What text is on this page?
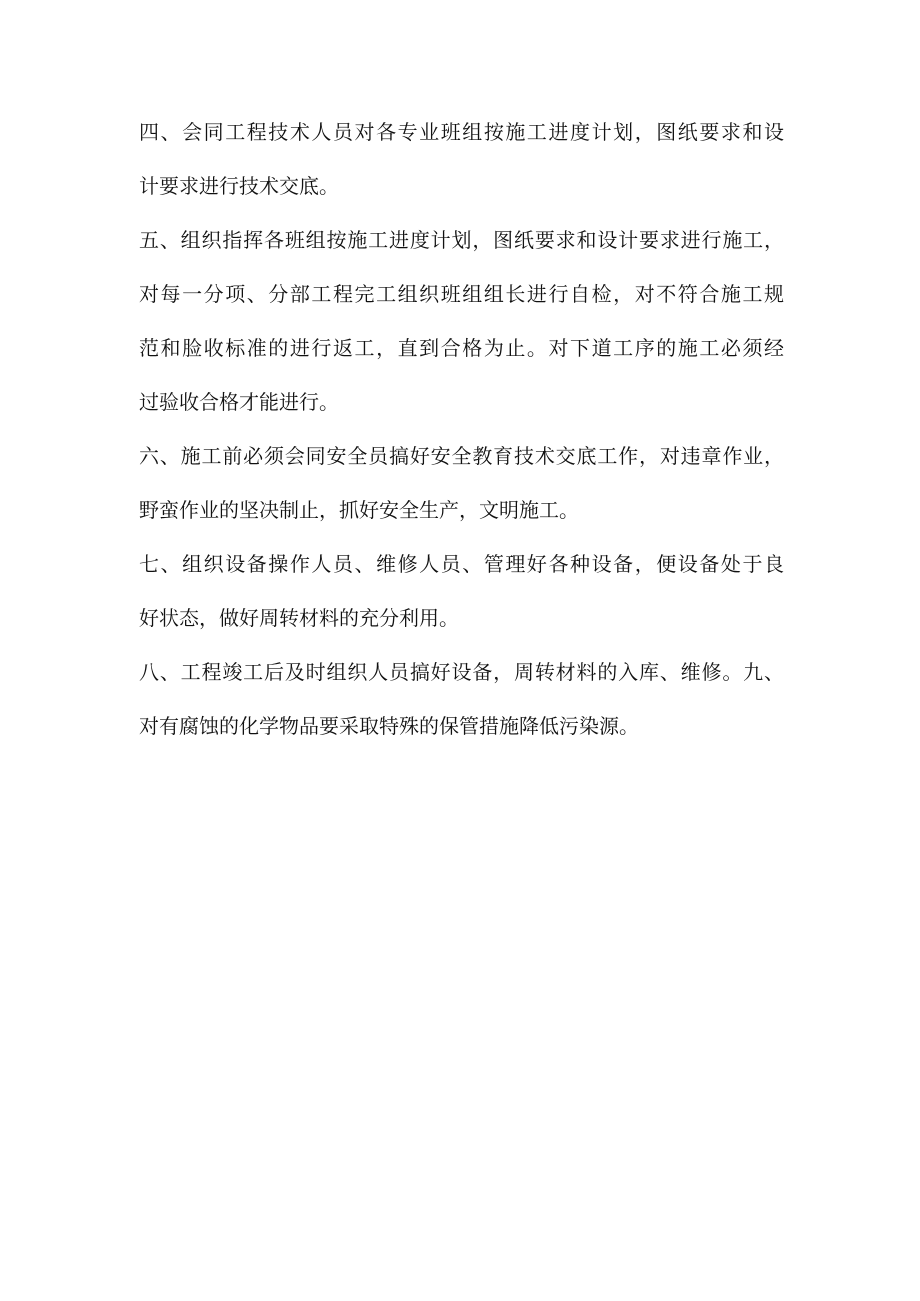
四、会同工程技术人员对各专业班组按施工进度计划，图纸要求和设
计要求进行技术交底。
五、组织指挥各班组按施工进度计划，图纸要求和设计要求进行施工，
对每一分项、分部工程完工组织班组组长进行自检，对不符合施工规
范和脸收标准的进行返工，直到合格为止。对下道工序的施工必须经
过验收合格才能进行。
六、施工前必须会同安全员搞好安全教育技术交底工作，对违章作业，
野蛮作业的坚决制止，抓好安全生产，文明施工。
七、组织设备操作人员、维修人员、管理好各种设备，便设备处于良
好状态，做好周转材料的充分利用。
八、工程竣工后及时组织人员搞好设备，周转材料的入库、维修。九、
对有腐蚀的化学物品要采取特殊的保管措施降低污染源。
